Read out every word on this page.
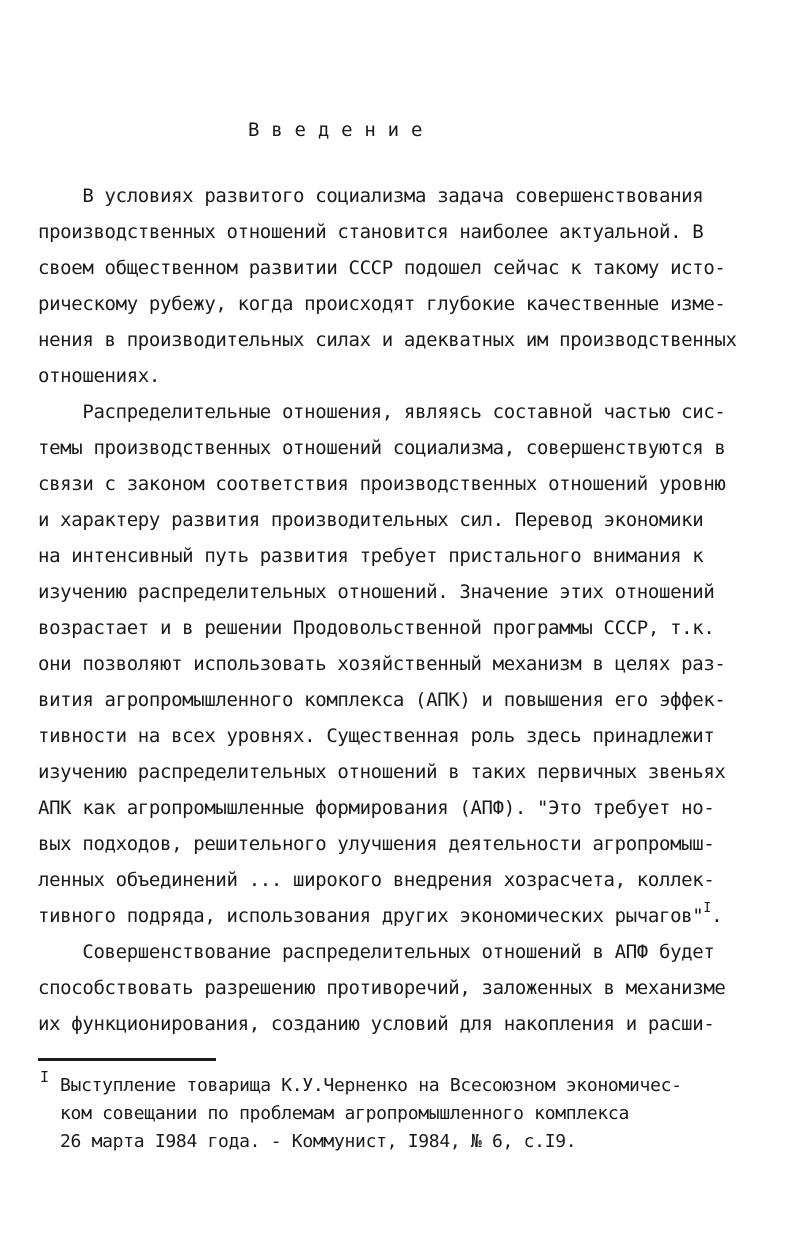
В в е д е н и е
В условиях развитого социализма задача совершенствования
производственных отношений становится наиболее актуальной. В
своем общественном развитии СССР подошел сейчас к такому исто-
рическому рубежу, когда происходят глубокие качественные изме-
нения в производительных силах и адекватных им производственных
отношениях.
Распределительные отношения, являясь составной частью сис-
темы производственных отношений социализма, совершенствуются в
связи с законом соответствия производственных отношений уровню
и характеру развития производительных сил. Перевод экономики
на интенсивный путь развития требует пристального внимания к
изучению распределительных отношений. Значение этих отношений
возрастает и в решении Продовольственной программы СССР, т.к.
они позволяют использовать хозяйственный механизм в целях раз-
вития агропромышленного комплекса (АПК) и повышения его эффек-
тивности на всех уровнях. Существенная роль здесь принадлежит
изучению распределительных отношений в таких первичных звеньях
АПК как агропромышленные формирования (АПФ). "Это требует но-
вых подходов, решительного улучшения деятельности агропромыш-
ленных объединений ... широкого внедрения хозрасчета, коллек-
тивного подряда, использования других экономических рычагов"$^I$.
Совершенствование распределительных отношений в АПФ будет
способствовать разрешению противоречий, заложенных в механизме
их функционирования, созданию условий для накопления и расши-
I Выступление товарища К.У.Черненко на Всесоюзном экономичес-
ком совещании по проблемам агропромышленного комплекса
26 марта I984 года. - Коммунист, I984, № 6, с.I9.
